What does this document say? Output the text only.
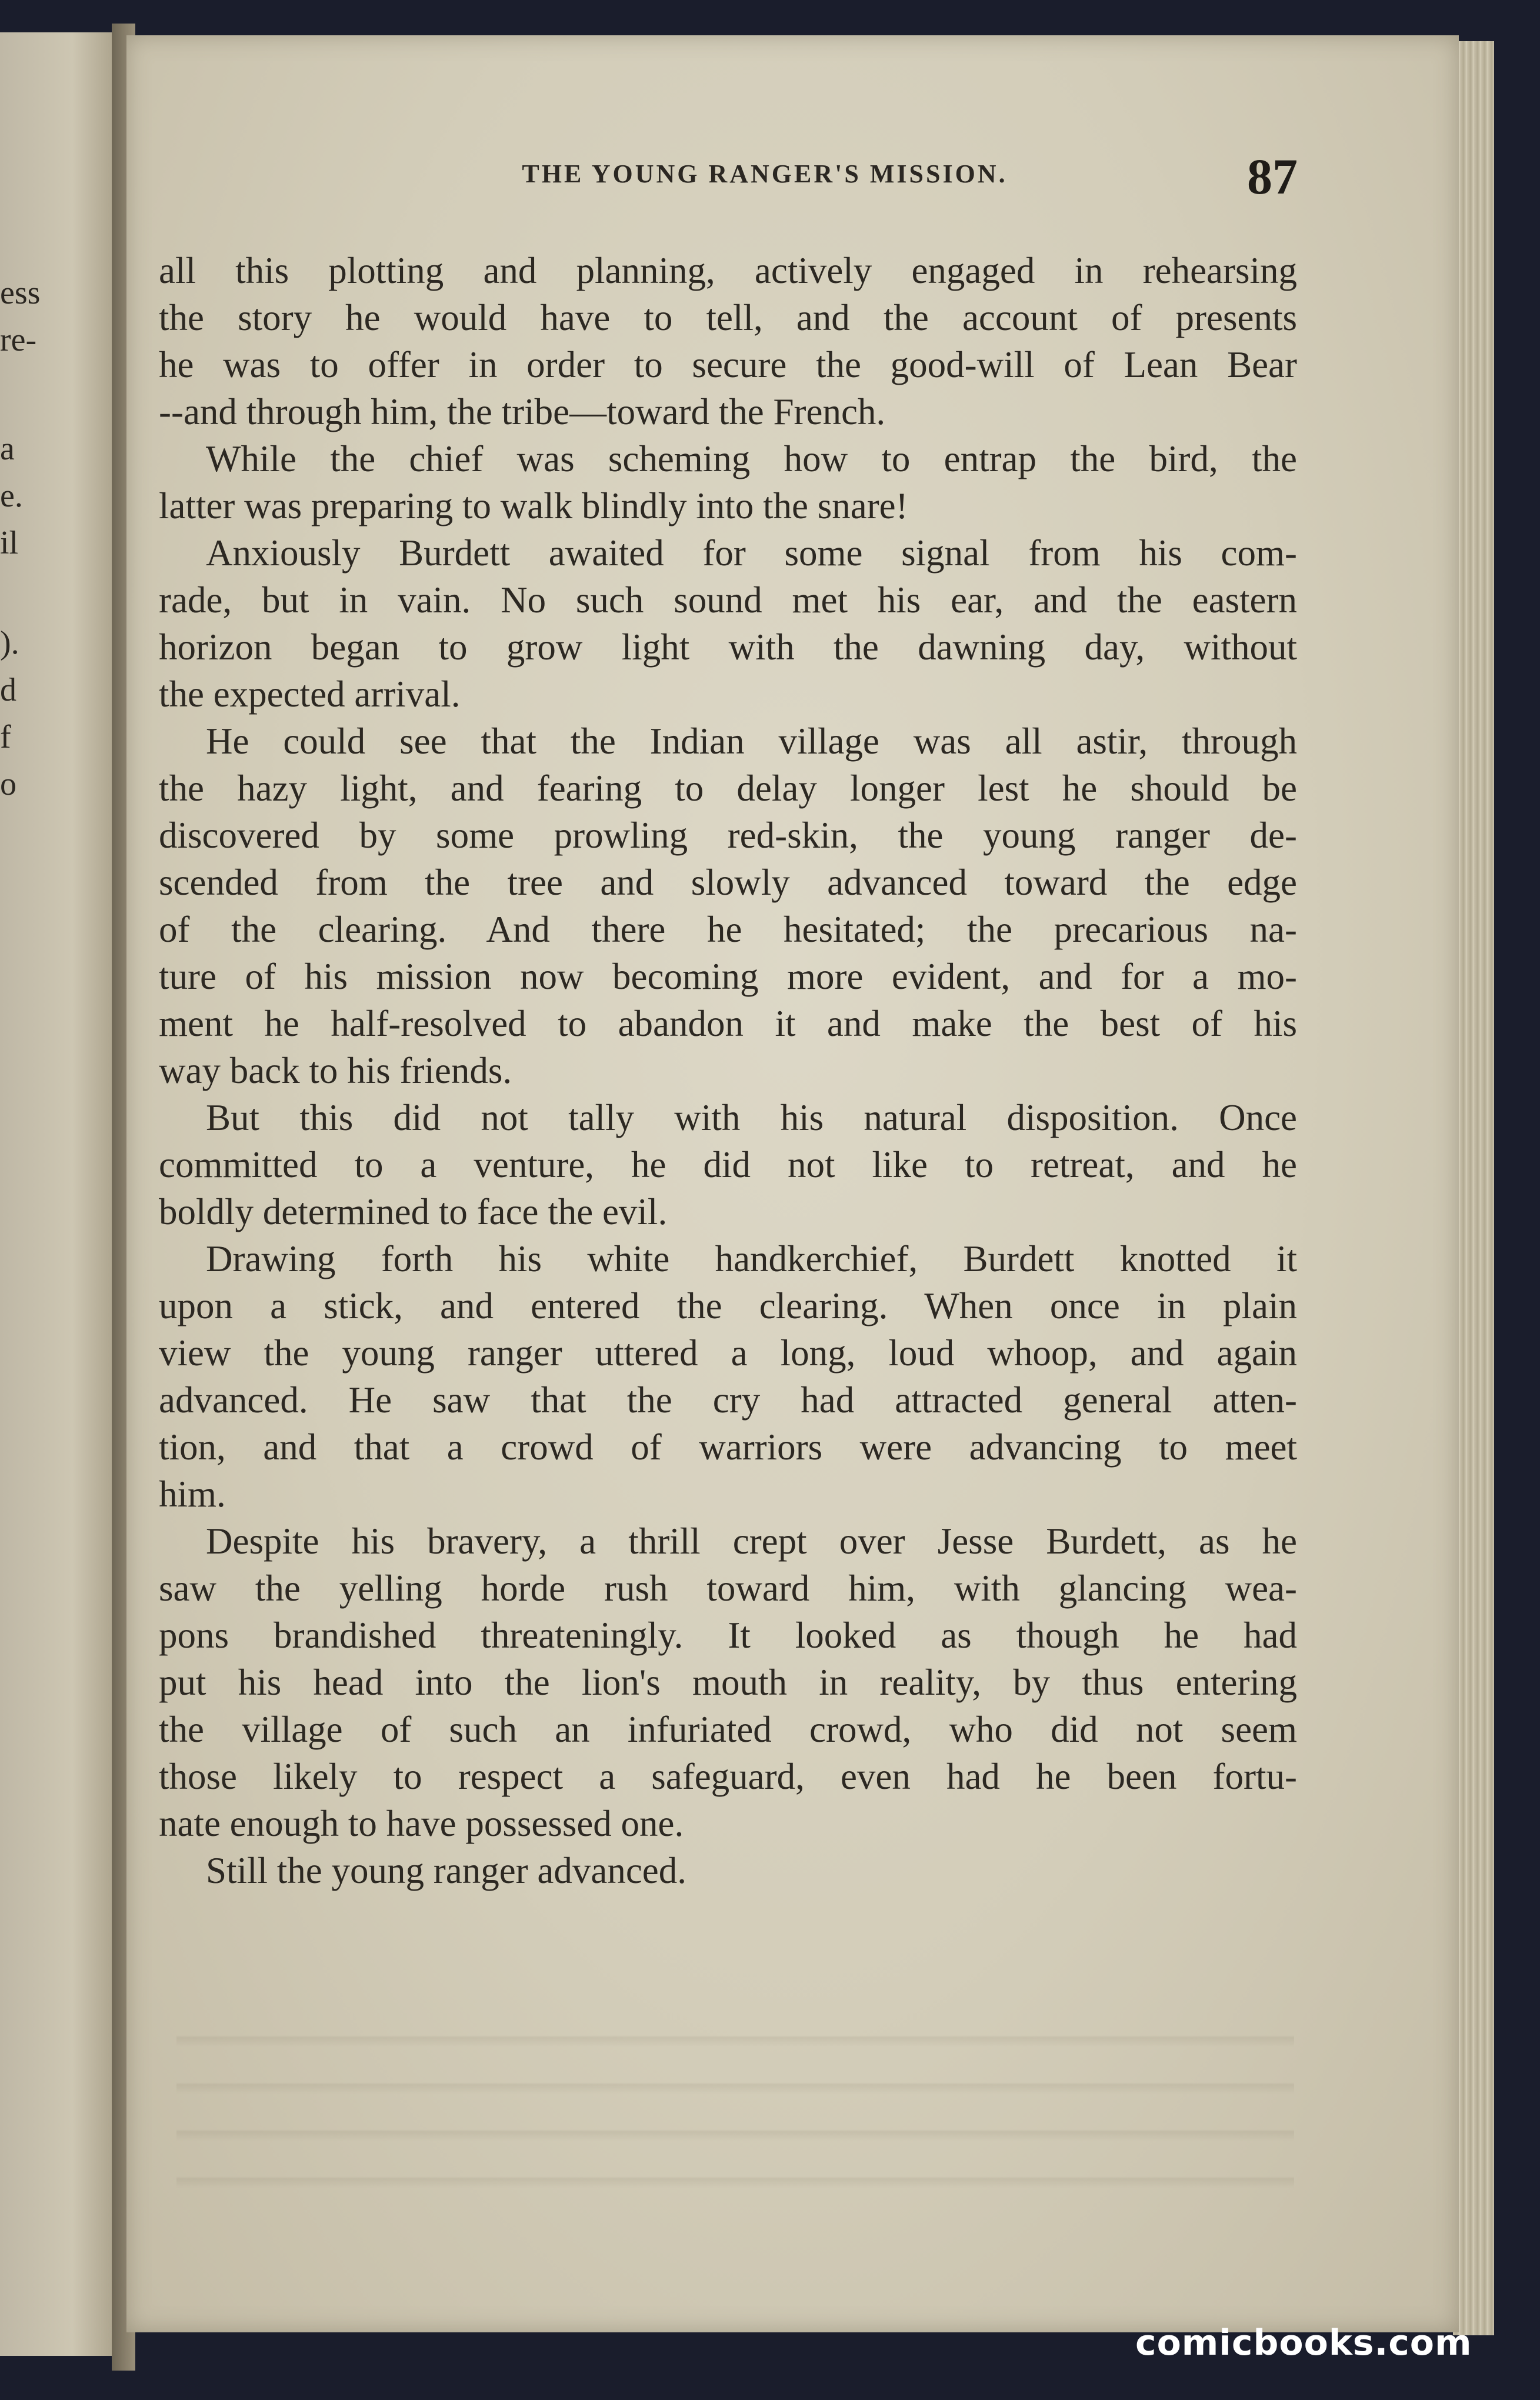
ess
re-
a
e.
il
).
d
f
o
THE YOUNG RANGER'S MISSION.	87
all this plotting and planning, actively engaged in rehearsing
the story he would have to tell, and the account of presents
he was to offer in order to secure the good-will of Lean Bear
--and through him, the tribe—toward the French.
While the chief was scheming how to entrap the bird, the
latter was preparing to walk blindly into the snare!
Anxiously Burdett awaited for some signal from his com-
rade, but in vain. No such sound met his ear, and the eastern
horizon began to grow light with the dawning day, without
the expected arrival.
He could see that the Indian village was all astir, through
the hazy light, and fearing to delay longer lest he should be
discovered by some prowling red-skin, the young ranger de-
scended from the tree and slowly advanced toward the edge
of the clearing. And there he hesitated; the precarious na-
ture of his mission now becoming more evident, and for a mo-
ment he half-resolved to abandon it and make the best of his
way back to his friends.
But this did not tally with his natural disposition. Once
committed to a venture, he did not like to retreat, and he
boldly determined to face the evil.
Drawing forth his white handkerchief, Burdett knotted it
upon a stick, and entered the clearing. When once in plain
view the young ranger uttered a long, loud whoop, and again
advanced. He saw that the cry had attracted general atten-
tion, and that a crowd of warriors were advancing to meet
him.
Despite his bravery, a thrill crept over Jesse Burdett, as he
saw the yelling horde rush toward him, with glancing wea-
pons brandished threateningly. It looked as though he had
put his head into the lion's mouth in reality, by thus entering
the village of such an infuriated crowd, who did not seem
those likely to respect a safeguard, even had he been fortu-
nate enough to have possessed one.
Still the young ranger advanced.
comicbooks.com
